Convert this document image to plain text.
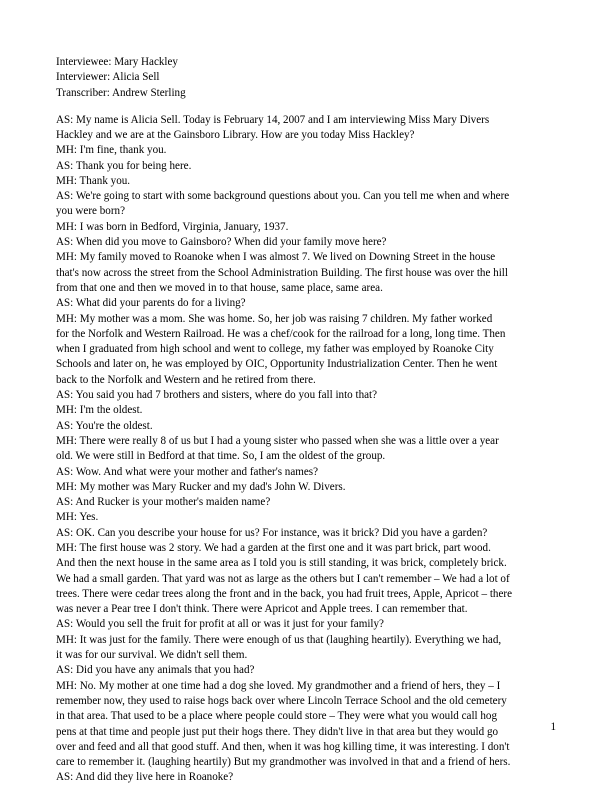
Interviewee: Mary Hackley

Interviewer: Alicia Sell

Transcriber: Andrew Sterling

AS: My name is Alicia Sell. Today is February 14, 2007 and I am interviewing Miss Mary Divers

Hackley and we are at the Gainsboro Library. How are you today Miss Hackley?

MH: I'm fine, thank you.

AS: Thank you for being here.

MH: Thank you.

AS: We're going to start with some background questions about you. Can you tell me when and where

you were born?

MH: I was born in Bedford, Virginia, January, 1937.

AS: When did you move to Gainsboro? When did your family move here?

MH: My family moved to Roanoke when I was almost 7. We lived on Downing Street in the house

that's now across the street from the School Administration Building. The first house was over the hill

from that one and then we moved in to that house, same place, same area.

AS: What did your parents do for a living?

MH: My mother was a mom. She was home. So, her job was raising 7 children. My father worked

for the Norfolk and Western Railroad. He was a chef/cook for the railroad for a long, long time. Then

when I graduated from high school and went to college, my father was employed by Roanoke City

Schools and later on, he was employed by OIC, Opportunity Industrialization Center. Then he went

back to the Norfolk and Western and he retired from there.

AS: You said you had 7 brothers and sisters, where do you fall into that?

MH: I'm the oldest.

AS: You're the oldest.

MH: There were really 8 of us but I had a young sister who passed when she was a little over a year

old. We were still in Bedford at that time. So, I am the oldest of the group.

AS: Wow. And what were your mother and father's names?

MH: My mother was Mary Rucker and my dad's John W. Divers.

AS: And Rucker is your mother's maiden name?

MH: Yes.

AS: OK. Can you describe your house for us? For instance, was it brick? Did you have a garden?

MH: The first house was 2 story. We had a garden at the first one and it was part brick, part wood.

And then the next house in the same area as I told you is still standing, it was brick, completely brick.

We had a small garden. That yard was not as large as the others but I can't remember – We had a lot of

trees. There were cedar trees along the front and in the back, you had fruit trees, Apple, Apricot – there

was never a Pear tree I don't think. There were Apricot and Apple trees. I can remember that.

AS: Would you sell the fruit for profit at all or was it just for your family?

MH: It was just for the family. There were enough of us that (laughing heartily). Everything we had,

it was for our survival. We didn't sell them.

AS: Did you have any animals that you had?

MH: No. My mother at one time had a dog she loved. My grandmother and a friend of hers, they – I

remember now, they used to raise hogs back over where Lincoln Terrace School and the old cemetery

in that area. That used to be a place where people could store – They were what you would call hog

pens at that time and people just put their hogs there. They didn't live in that area but they would go

over and feed and all that good stuff. And then, when it was hog killing time, it was interesting. I don't

care to remember it. (laughing heartily) But my grandmother was involved in that and a friend of hers.

AS: And did they live here in Roanoke?

1
